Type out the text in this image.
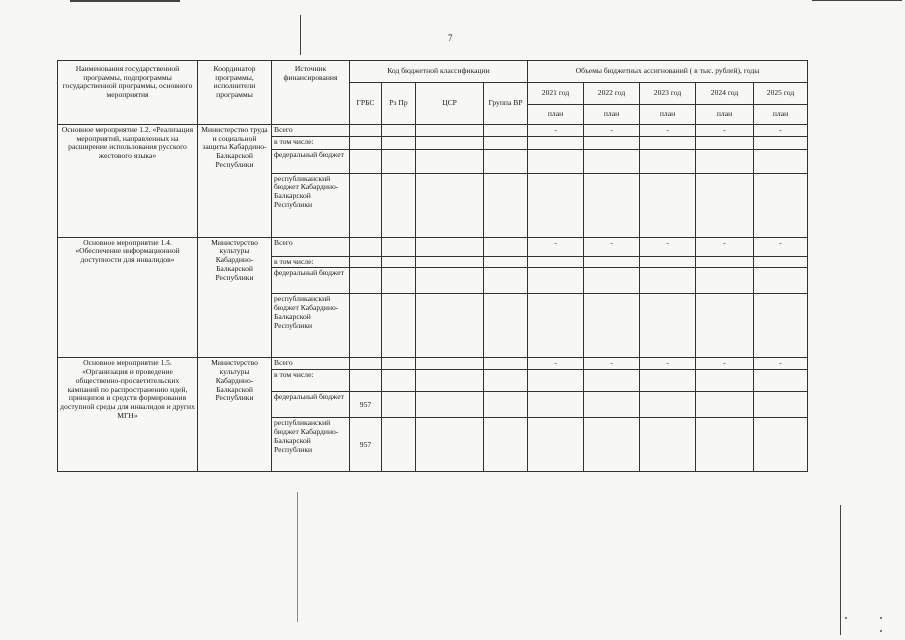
7
Наименования государственной программы, подпрограммы государственной программы, основного мероприятия	Координатор программы, исполнители программы	Источник финансирования	Код бюджетной классификации				Объемы бюджетных ассигнований ( в тыс. рублей), годы				
			ГРБС	Рз Пр	ЦСР	Группа ВР	2021 год	2022 год	2023 год	2024 год	2025 год
							план	план	план	план	план
Основное мероприятие 1.2. «Реализация мероприятий, направленных на расширение использования русского жестового языка»	Министерство труда и социальной защиты Кабардино-Балкарской Республики	Всего					-	-	-	-	-
		в том числе:									
		федеральный бюджет									
		республиканский бюджет Кабардино-Балкарской Республики									
Основное мероприятие 1.4. «Обеспечение информационной доступности для инвалидов»	Министерство культуры Кабардино-Балкарской Республики	Всего					-	-	-	-	-
		в том числе:									
		федеральный бюджет									
		республиканский бюджет Кабардино-Балкарской Республики									
Основное мероприятие 1.5. «Организация и проведение общественно-просветительских кампаний по распространению идей, принципов и средств формирования доступной среды для инвалидов и других МГН»	Министерство культуры Кабардино-Балкарской Республики	Всего					-	-	-	-	-
		в том числе:									
		федеральный бюджет	957								
		республиканский бюджет Кабардино-Балкарской Республики	957								
